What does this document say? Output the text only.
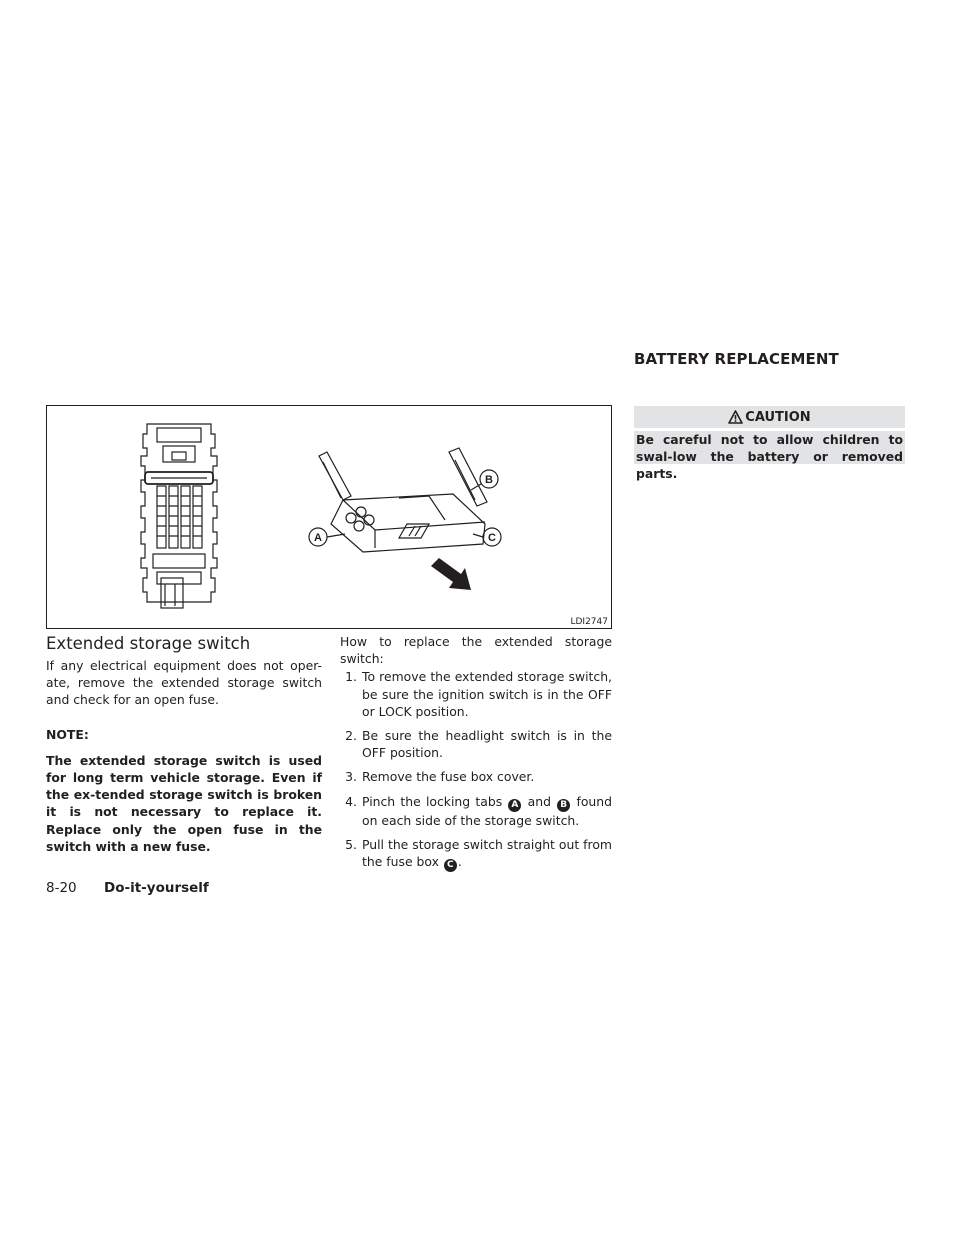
BATTERY REPLACEMENT
A
B
C
LDI2747
Extended storage switch

If any electrical equipment does not oper-ate, remove the extended storage switch and check for an open fuse.

NOTE:

The extended storage switch is used for long term vehicle storage. Even if the ex-tended storage switch is broken it is not necessary to replace it. Replace only the open fuse in the switch with a new fuse.

How to replace the extended storage switch:

1. To remove the extended storage switch, be sure the ignition switch is in the OFF or LOCK position.
2. Be sure the headlight switch is in the OFF position.
3. Remove the fuse box cover.
4. Pinch the locking tabs A and B found on each side of the storage switch.
5. Pull the storage switch straight out from the fuse box C .
CAUTION
Be careful not to allow children to swal-low the battery or removed parts.
8-20 Do-it-yourself
